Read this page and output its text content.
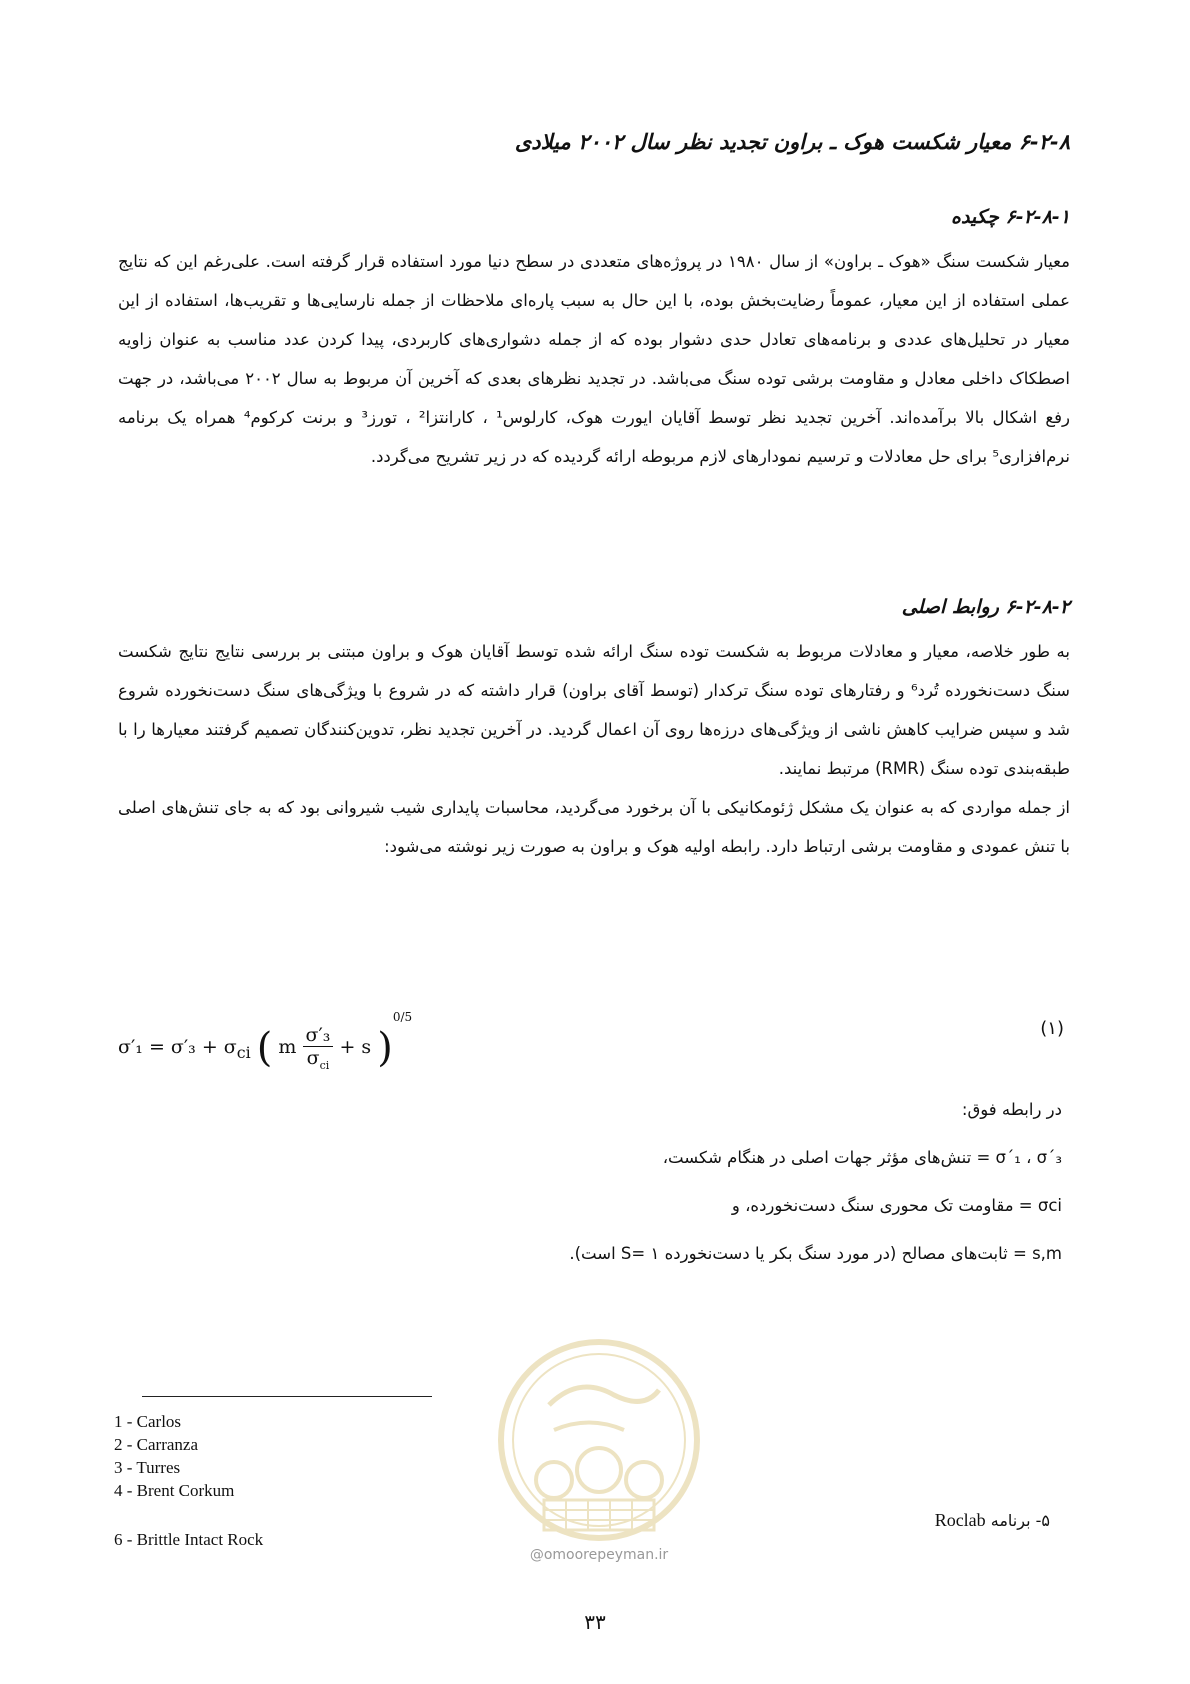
۶-۲-۸ معیار شکست هوک ـ براون تجدید نظر سال ۲۰۰۲ میلادی
۶-۲-۸-۱ چکیده
معیار شکست سنگ «هوک ـ براون» از سال ۱۹۸۰ در پروژه‌های متعددی در سطح دنیا مورد استفاده قرار گرفته است. علی‌رغم این که نتایج عملی استفاده از این معیار، عموماً رضایت‌بخش بوده، با این حال به سبب پاره‌ای ملاحظات از جمله نارسایی‌ها و تقریب‌ها، استفاده از این معیار در تحلیل‌های عددی و برنامه‌های تعادل حدی دشوار بوده که از جمله دشواری‌های کاربردی، پیدا کردن عدد مناسب به عنوان زاویه اصطکاک داخلی معادل و مقاومت برشی توده سنگ می‌باشد. در تجدید نظرهای بعدی که آخرین آن مربوط به سال ۲۰۰۲ می‌باشد، در جهت رفع اشکال بالا برآمده‌اند. آخرین تجدید نظر توسط آقایان ایورت هوک، کارلوس¹ ، کارانتزا² ، تورز³ و برنت کرکوم⁴ همراه یک برنامه نرم‌افزاری⁵ برای حل معادلات و ترسیم نمودارهای لازم مربوطه ارائه گردیده که در زیر تشریح می‌گردد.
۶-۲-۸-۲ روابط اصلی
به طور خلاصه، معیار و معادلات مربوط به شکست توده سنگ ارائه شده توسط آقایان هوک و براون مبتنی بر بررسی نتایج نتایج شکست سنگ دست‌نخورده تُرد⁶ و رفتارهای توده سنگ ترکدار (توسط آقای براون) قرار داشته که در شروع با ویژگی‌های سنگ دست‌نخورده شروع شد و سپس ضرایب کاهش ناشی از ویژگی‌های درزه‌ها روی آن اعمال گردید. در آخرین تجدید نظر، تدوین‌کنندگان تصمیم گرفتند معیارها را با طبقه‌بندی توده سنگ (RMR) مرتبط نمایند.
از جمله مواردی که به عنوان یک مشکل ژئومکانیکی با آن برخورد می‌گردید، محاسبات پایداری شیب شیروانی بود که به جای تنش‌های اصلی با تنش عمودی و مقاومت برشی ارتباط دارد. رابطه اولیه هوک و براون به صورت زیر نوشته می‌شود:
$\sigma'_1 = \sigma'_3 + \sigma_{ci}$ ( m $\frac{\text{σ′₃}}{\sigma_{ci}} + s$ )$^{0/5}$
(۱)
در رابطه فوق:
σ΄₁ ، σ΄₃ = تنش‌های مؤثر جهات اصلی در هنگام شکست،
σci = مقاومت تک محوری سنگ دست‌نخورده، و
s,m = ثابت‌های مصالح (در مورد سنگ بکر یا دست‌نخورده ۱ =S است).
1 - Carlos
2 - Carranza
3 - Turres
4 - Brent Corkum
6 - Brittle Intact Rock
۵- برنامه Roclab
@omoorepeyman.ir
۳۳
